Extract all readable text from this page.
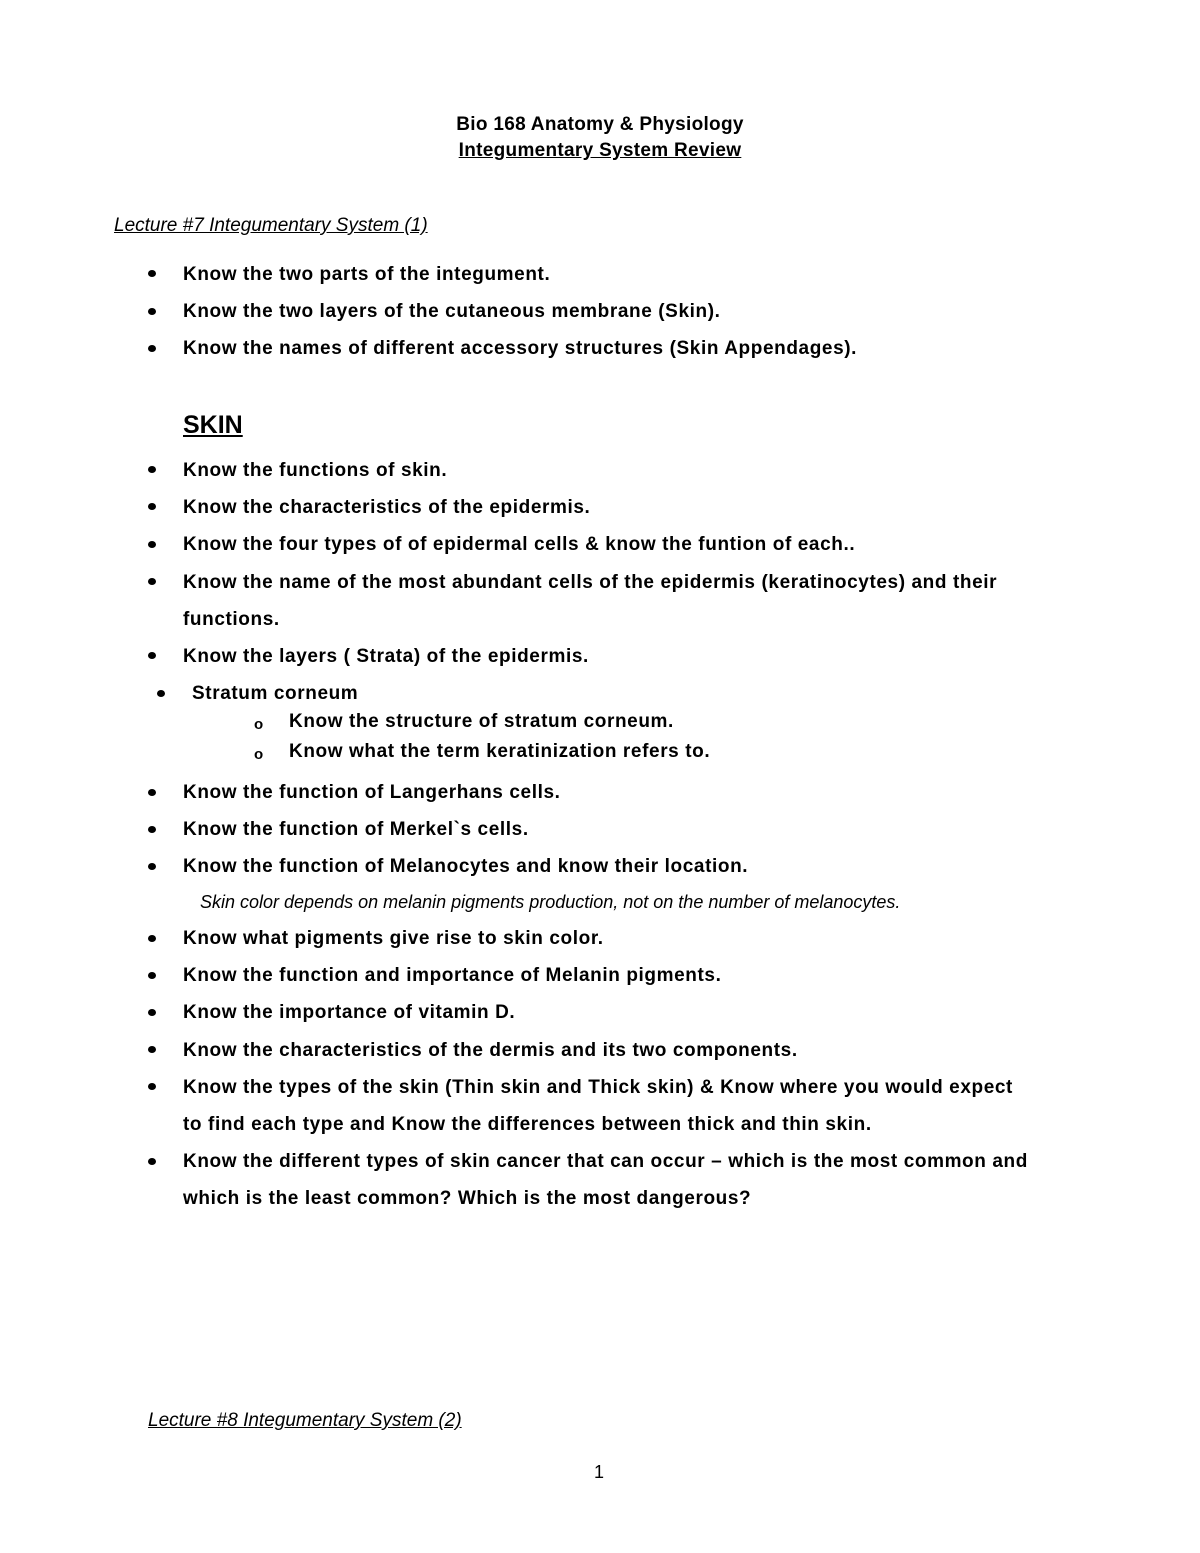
Bio 168 Anatomy & Physiology
Integumentary System Review
Lecture #7 Integumentary System (1)
Know the two parts of the integument.
Know the two layers of the cutaneous membrane (Skin).
Know the names of different accessory structures (Skin Appendages).
SKIN
Know the functions of skin.
Know the characteristics of the epidermis.
Know the four types of of epidermal cells & know the funtion of each..
Know the name of the most abundant cells of the epidermis (keratinocytes) and their
functions.
Know the layers ( Strata) of the epidermis.
Stratum corneum
o Know the structure of stratum corneum.
o Know what the term keratinization refers to.
Know the function of Langerhans cells.
Know the function of Merkel`s cells.
Know the function of Melanocytes and know their location.
Skin color depends on melanin pigments production, not on the number of melanocytes.
Know what pigments give rise to skin color.
Know the function and importance of Melanin pigments.
Know the importance of vitamin D.
Know the characteristics of the dermis and its two components.
Know the types of the skin (Thin skin and Thick skin) & Know where you would expect
to find each type and Know the differences between thick and thin skin.
Know the different types of skin cancer that can occur – which is the most common and
which is the least common? Which is the most dangerous?
Lecture #8 Integumentary System (2)
1
